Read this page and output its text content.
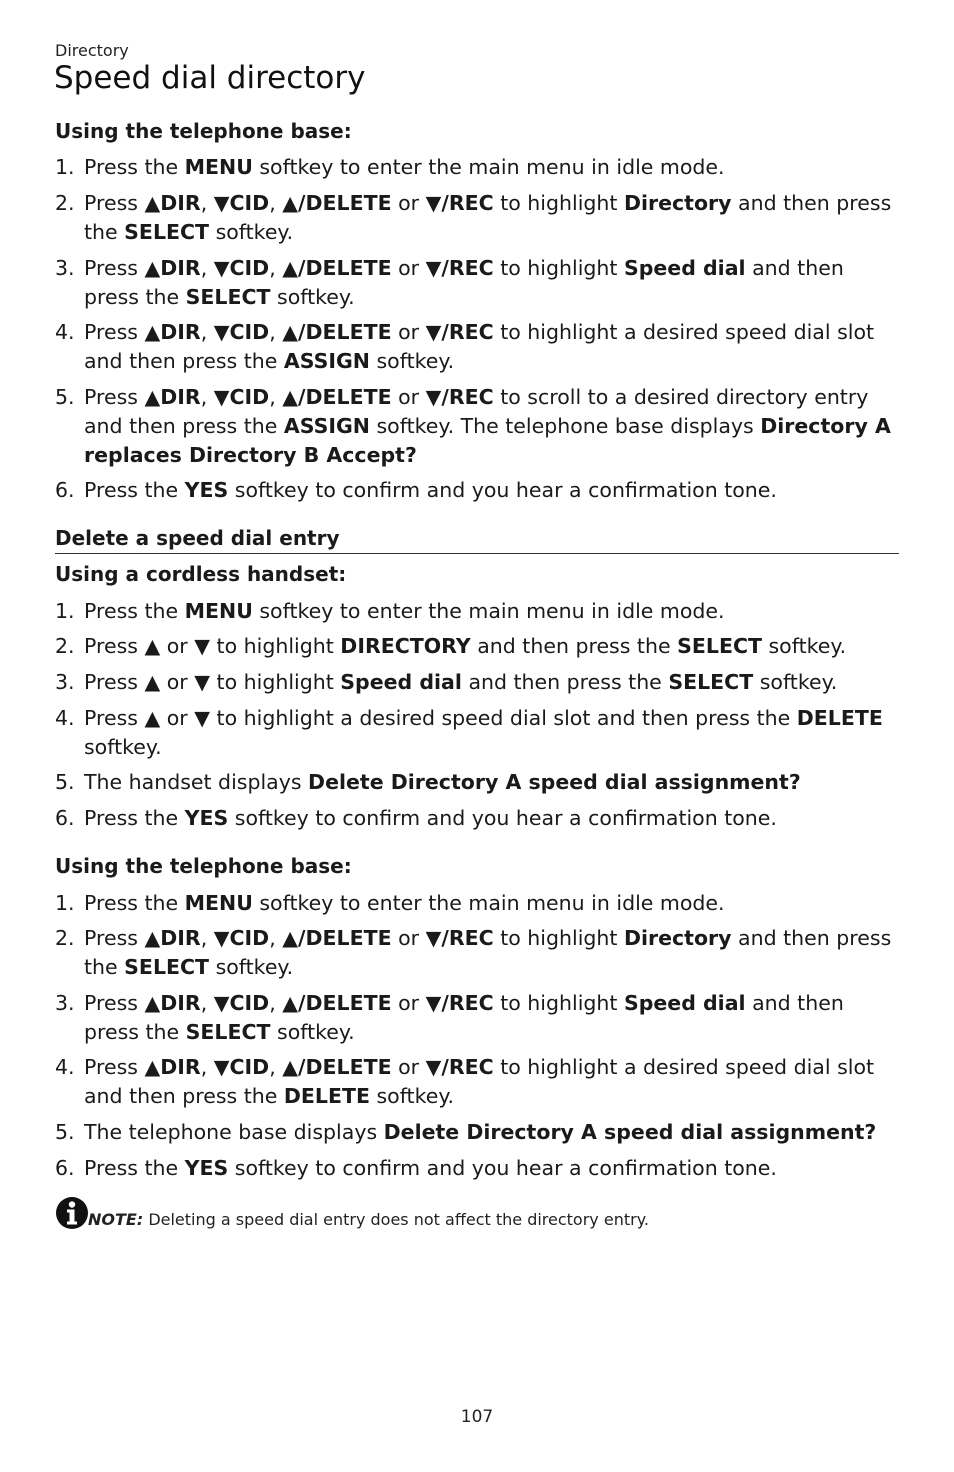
Directory
Speed dial directory
Using the telephone base:
1. Press the MENU softkey to enter the main menu in idle mode.
2. Press ▲DIR, ▼CID, ▲/DELETE or ▼/REC to highlight Directory and then press the SELECT softkey.
3. Press ▲DIR, ▼CID, ▲/DELETE or ▼/REC to highlight Speed dial and then press the SELECT softkey.
4. Press ▲DIR, ▼CID, ▲/DELETE or ▼/REC to highlight a desired speed dial slot and then press the ASSIGN softkey.
5. Press ▲DIR, ▼CID, ▲/DELETE or ▼/REC to scroll to a desired directory entry and then press the ASSIGN softkey. The telephone base displays Directory A replaces Directory B Accept?
6. Press the YES softkey to confirm and you hear a confirmation tone.
Delete a speed dial entry
Using a cordless handset:
1. Press the MENU softkey to enter the main menu in idle mode.
2. Press ▲ or ▼ to highlight DIRECTORY and then press the SELECT softkey.
3. Press ▲ or ▼ to highlight Speed dial and then press the SELECT softkey.
4. Press ▲ or ▼ to highlight a desired speed dial slot and then press the DELETE softkey.
5. The handset displays Delete Directory A speed dial assignment?
6. Press the YES softkey to confirm and you hear a confirmation tone.
Using the telephone base:
1. Press the MENU softkey to enter the main menu in idle mode.
2. Press ▲DIR, ▼CID, ▲/DELETE or ▼/REC to highlight Directory and then press the SELECT softkey.
3. Press ▲DIR, ▼CID, ▲/DELETE or ▼/REC to highlight Speed dial and then press the SELECT softkey.
4. Press ▲DIR, ▼CID, ▲/DELETE or ▼/REC to highlight a desired speed dial slot and then press the DELETE softkey.
5. The telephone base displays Delete Directory A speed dial assignment?
6. Press the YES softkey to confirm and you hear a confirmation tone.
NOTE: Deleting a speed dial entry does not affect the directory entry.
107
